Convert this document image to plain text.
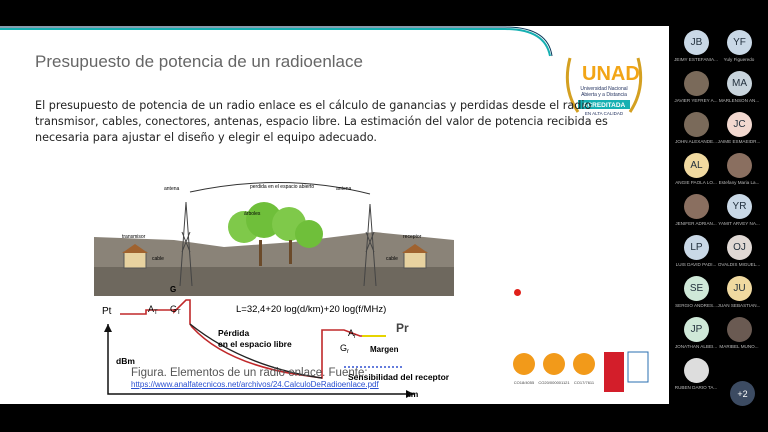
Presupuesto de potencia de un radioenlace
UNAD
Universidad Nacional
Abierta y a Distancia
ACREDITADA
EN ALTA CALIDAD
El presupuesto de potencia de un radio enlace es el cálculo de ganancias y perdidas desde el radio transmisor, cables, conectores, antenas, espacio libre. La estimación del valor de potencia recibida es necesaria para ajustar el diseño y elegir el equipo adecuado.
antena	antena
perdida en el espacio abierto
árboles
transmisor	receptor
cable	cable
G
L=32,4+20 log(d/km)+20 log(f/MHz)
Pt	$A_T$ $G_T$
Pérdida
en el espacio libre
$A_r$
$G_r$
Pr
Margen
Sensibilidad del receptor
dBm
km
Figura. Elementos de un radio enlace. Fuente:
https://www.analfatecnicos.net/archivos/24.CalculoDeRadioenlace.pdf	CO18/4055 CO20/000001121 CO17/7611
JB
JEIMY ESTEFANIA...
YF
Yuly Figueredo
JAVIER YEFREY A...
MA
MARLENSON AN...
JOHN ALEXANDE...
JC
JAIME ESMAEIDR...
AL
ANGIE PAOLA LO... Estefany Maria La...
JENIFER ADRIAN...
YR
YAMIT ARVEY NA...
LP
LUIS DAVID PADI...
OJ
OVALDIS MIGUEL...
SE
SERGIO ANDRES...
JU
JUAN SEBASTIAN...
JP
JONATHAN ALBEI... MARIBEL MUNO...
RUBEN DARIO TA...
+2
